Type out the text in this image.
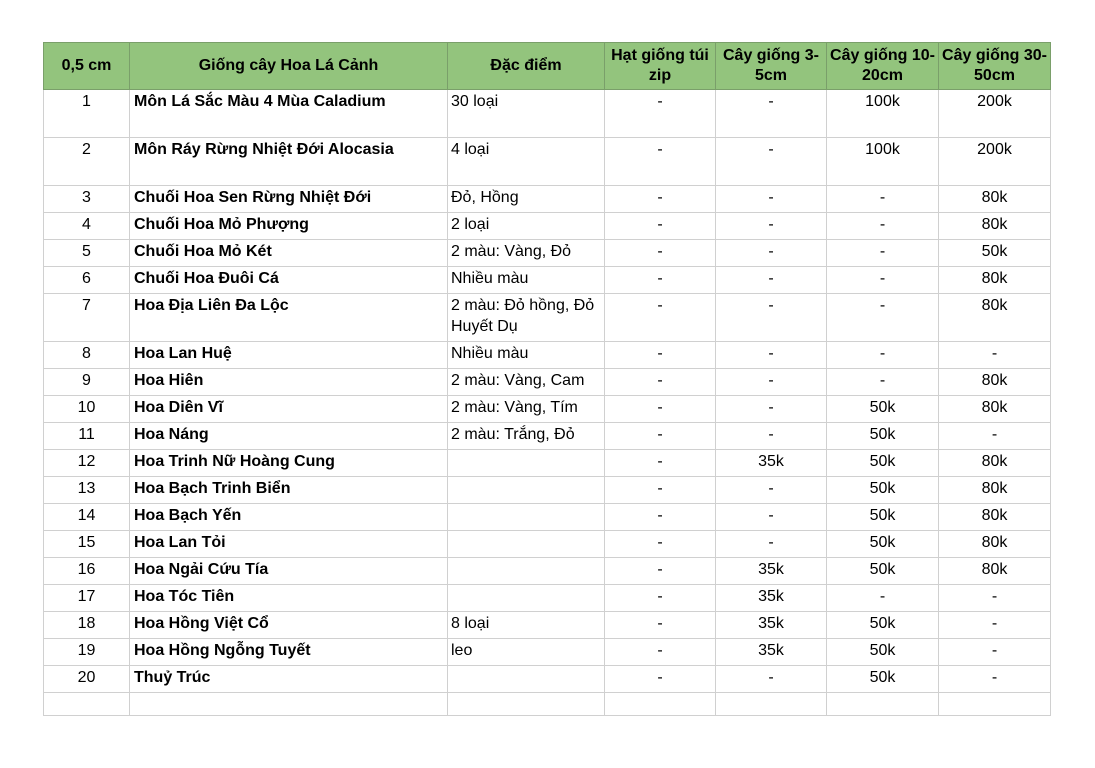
0,5 cm	Giống cây Hoa Lá Cảnh	Đặc điểm	Hạt giống túi zip	Cây giống 3-5cm	Cây giống 10-20cm	Cây giống 30-50cm
1	Môn Lá Sắc Màu 4 Mùa Caladium	30 loại	-	-	100k	200k
2	Môn Ráy Rừng Nhiệt Đới Alocasia	4 loại	-	-	100k	200k
3	Chuối Hoa Sen Rừng Nhiệt Đới	Đỏ, Hồng	-	-	-	80k
4	Chuối Hoa Mỏ Phượng	2 loại	-	-	-	80k
5	Chuối Hoa Mỏ Két	2 màu: Vàng, Đỏ	-	-	-	50k
6	Chuối Hoa Đuôi Cá	Nhiều màu	-	-	-	80k
7	Hoa Địa Liên Đa Lộc	2 màu: Đỏ hồng, Đỏ Huyết Dụ	-	-	-	80k
8	Hoa Lan Huệ	Nhiều màu	-	-	-	-
9	Hoa Hiên	2 màu: Vàng, Cam	-	-	-	80k
10	Hoa Diên Vĩ	2 màu: Vàng, Tím	-	-	50k	80k
11	Hoa Náng	2 màu: Trắng, Đỏ	-	-	50k	-
12	Hoa Trinh Nữ Hoàng Cung		-	35k	50k	80k
13	Hoa Bạch Trinh Biển		-	-	50k	80k
14	Hoa Bạch Yến		-	-	50k	80k
15	Hoa Lan Tỏi		-	-	50k	80k
16	Hoa Ngải Cứu Tía		-	35k	50k	80k
17	Hoa Tóc Tiên		-	35k	-	-
18	Hoa Hồng Việt Cổ	8 loại	-	35k	50k	-
19	Hoa Hồng Ngỗng Tuyết	leo	-	35k	50k	-
20	Thuỷ Trúc		-	-	50k	-
